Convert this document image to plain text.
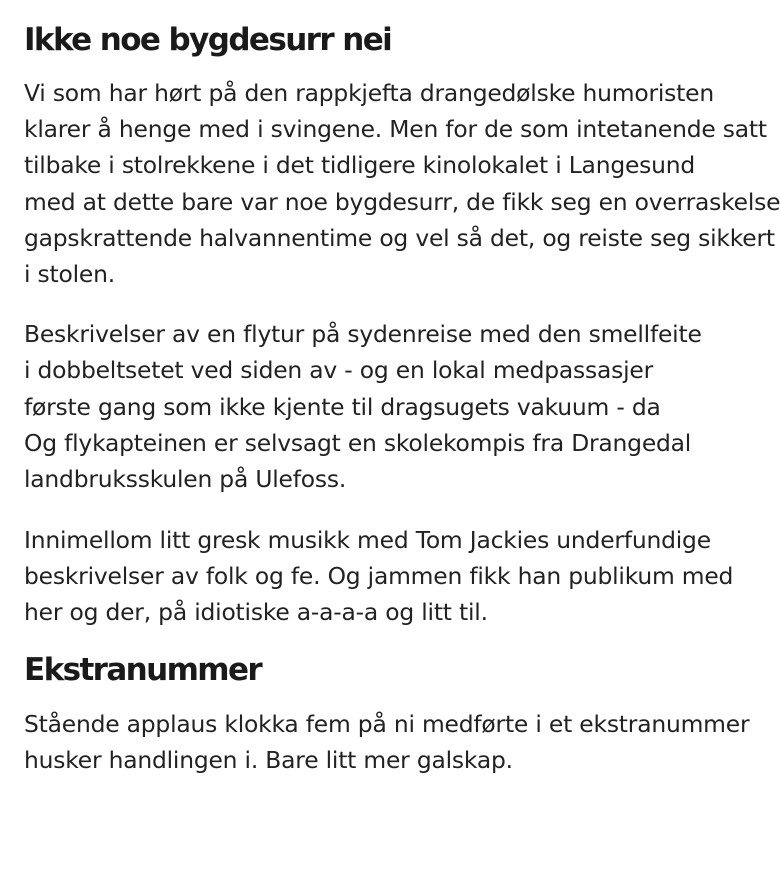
Ikke noe bygdesurr nei

Vi som har hørt på den rappkjefta drangedølske humoristen
klarer å henge med i svingene. Men for de som intetanende satt
tilbake i stolrekkene i det tidligere kinolokalet i Langesund
med at dette bare var noe bygdesurr, de fikk seg en overraskelse
gapskrattende halvannentime og vel så det, og reiste seg sikkert
i stolen.

Beskrivelser av en flytur på sydenreise med den smellfeite
i dobbeltsetet ved siden av - og en lokal medpassasjer
første gang som ikke kjente til dragsugets vakuum - da
Og flykapteinen er selvsagt en skolekompis fra Drangedal
landbruksskulen på Ulefoss.

Innimellom litt gresk musikk med Tom Jackies underfundige
beskrivelser av folk og fe. Og jammen fikk han publikum med
her og der, på idiotiske a-a-a-a og litt til.

Ekstranummer

Stående applaus klokka fem på ni medførte i et ekstranummer
husker handlingen i. Bare litt mer galskap.
